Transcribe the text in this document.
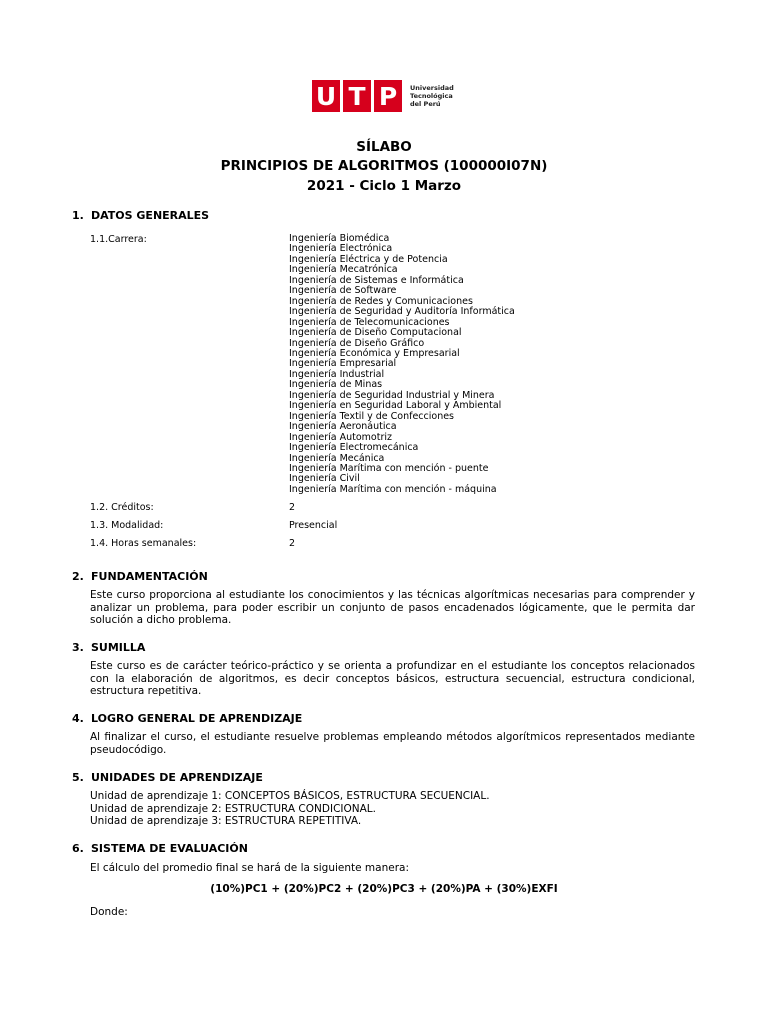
U T P	Universidad
Tecnológica
del Perú
SÍLABO
PRINCIPIOS DE ALGORITMOS (100000I07N)
2021 - Ciclo 1 Marzo
1. DATOS GENERALES
1.1.Carrera:	Ingeniería Biomédica
Ingeniería Electrónica
Ingeniería Eléctrica y de Potencia
Ingeniería Mecatrónica
Ingeniería de Sistemas e Informática
Ingeniería de Software
Ingeniería de Redes y Comunicaciones
Ingeniería de Seguridad y Auditoría Informática
Ingeniería de Telecomunicaciones
Ingeniería de Diseño Computacional
Ingeniería de Diseño Gráfico
Ingeniería Económica y Empresarial
Ingeniería Empresarial
Ingeniería Industrial
Ingeniería de Minas
Ingeniería de Seguridad Industrial y Minera
Ingeniería en Seguridad Laboral y Ambiental
Ingeniería Textil y de Confecciones
Ingeniería Aeronáutica
Ingeniería Automotriz
Ingeniería Electromecánica
Ingeniería Mecánica
Ingeniería Marítima con mención - puente
Ingeniería Civil
Ingeniería Marítima con mención - máquina
1.2. Créditos:	2
1.3. Modalidad:	Presencial
1.4. Horas semanales:	2
2. FUNDAMENTACIÓN
Este curso proporciona al estudiante los conocimientos y las técnicas algorítmicas necesarias para comprender y analizar un problema, para poder escribir un conjunto de pasos encadenados lógicamente, que le permita dar solución a dicho problema.
3. SUMILLA
Este curso es de carácter teórico-práctico y se orienta a profundizar en el estudiante los conceptos relacionados con la elaboración de algoritmos, es decir conceptos básicos, estructura secuencial, estructura condicional, estructura repetitiva.
4. LOGRO GENERAL DE APRENDIZAJE
Al finalizar el curso, el estudiante resuelve problemas empleando métodos algorítmicos representados mediante pseudocódigo.
5. UNIDADES DE APRENDIZAJE
Unidad de aprendizaje 1: CONCEPTOS BÁSICOS, ESTRUCTURA SECUENCIAL.
Unidad de aprendizaje 2: ESTRUCTURA CONDICIONAL.
Unidad de aprendizaje 3: ESTRUCTURA REPETITIVA.
6. SISTEMA DE EVALUACIÓN
El cálculo del promedio final se hará de la siguiente manera:
(10%)PC1 + (20%)PC2 + (20%)PC3 + (20%)PA + (30%)EXFI
Donde:
